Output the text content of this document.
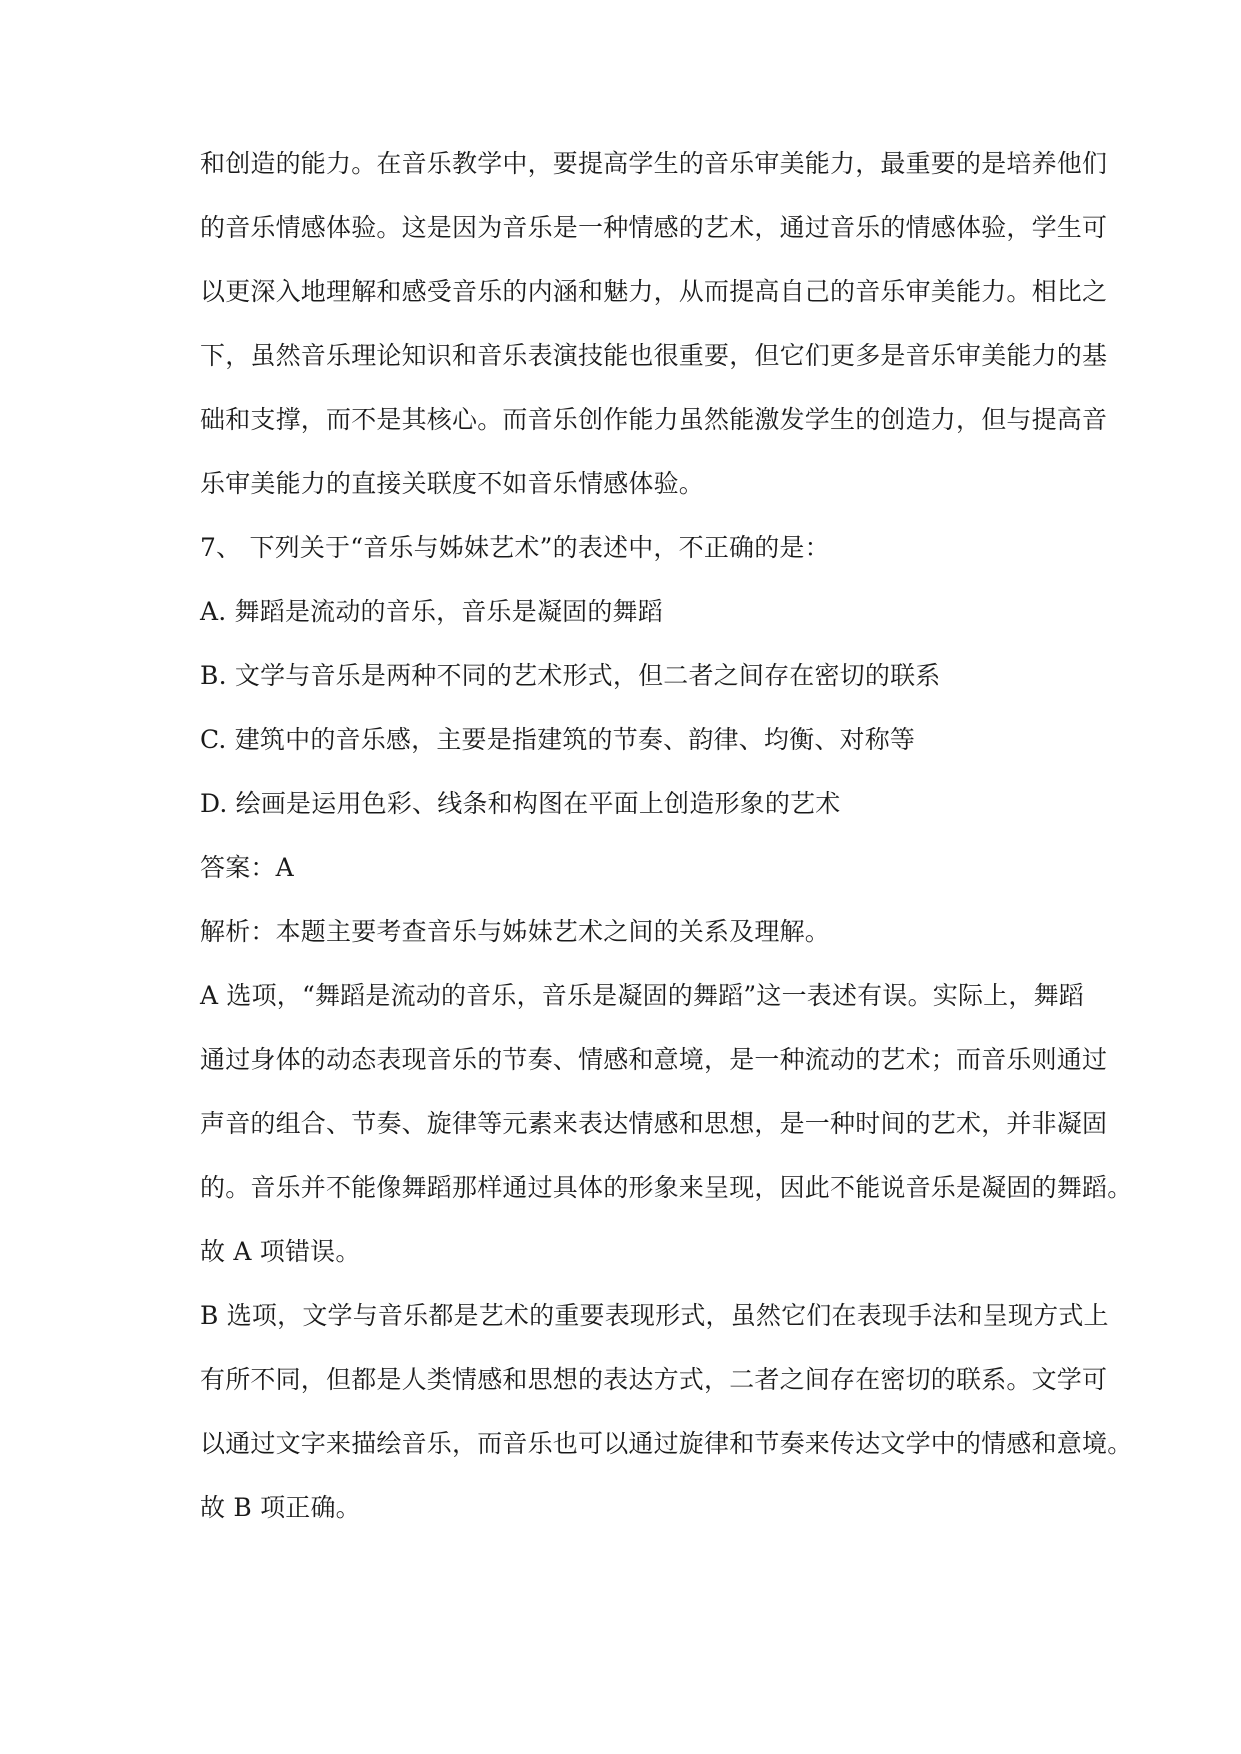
和创造的能力。在音乐教学中，要提高学生的音乐审美能力，最重要的是培养他们

的音乐情感体验。这是因为音乐是一种情感的艺术，通过音乐的情感体验，学生可

以更深入地理解和感受音乐的内涵和魅力，从而提高自己的音乐审美能力。相比之

下，虽然音乐理论知识和音乐表演技能也很重要，但它们更多是音乐审美能力的基

础和支撑，而不是其核心。而音乐创作能力虽然能激发学生的创造力，但与提高音

乐审美能力的直接关联度不如音乐情感体验。

7、 下列关于“音乐与姊妹艺术”的表述中，不正确的是：

A. 舞蹈是流动的音乐，音乐是凝固的舞蹈

B. 文学与音乐是两种不同的艺术形式，但二者之间存在密切的联系

C. 建筑中的音乐感，主要是指建筑的节奏、韵律、均衡、对称等

D. 绘画是运用色彩、线条和构图在平面上创造形象的艺术

答案：A

解析：本题主要考查音乐与姊妹艺术之间的关系及理解。

A 选项，“舞蹈是流动的音乐，音乐是凝固的舞蹈”这一表述有误。实际上，舞蹈

通过身体的动态表现音乐的节奏、情感和意境，是一种流动的艺术；而音乐则通过

声音的组合、节奏、旋律等元素来表达情感和思想，是一种时间的艺术，并非凝固

的。音乐并不能像舞蹈那样通过具体的形象来呈现，因此不能说音乐是凝固的舞蹈。

故 A 项错误。

B 选项，文学与音乐都是艺术的重要表现形式，虽然它们在表现手法和呈现方式上

有所不同，但都是人类情感和思想的表达方式，二者之间存在密切的联系。文学可

以通过文字来描绘音乐，而音乐也可以通过旋律和节奏来传达文学中的情感和意境。

故 B 项正确。
